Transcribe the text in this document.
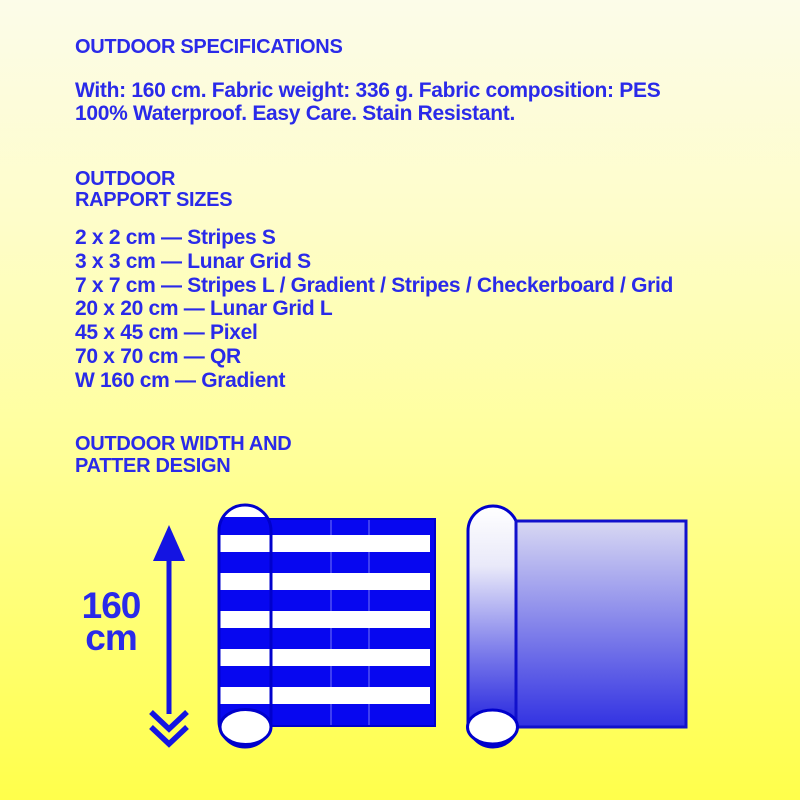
OUTDOOR SPECIFICATIONS
With: 160 cm. Fabric weight: 336 g. Fabric composition: PES
100% Waterproof. Easy Care. Stain Resistant.
OUTDOOR
RAPPORT SIZES
2 x 2 cm — Stripes S
3 x 3 cm — Lunar Grid S
7 x 7 cm — Stripes L / Gradient / Stripes / Checkerboard / Grid
20 x 20 cm — Lunar Grid L
45 x 45 cm — Pixel
70 x 70 cm — QR
W 160 cm — Gradient
OUTDOOR WIDTH AND
PATTER DESIGN
160
cm
